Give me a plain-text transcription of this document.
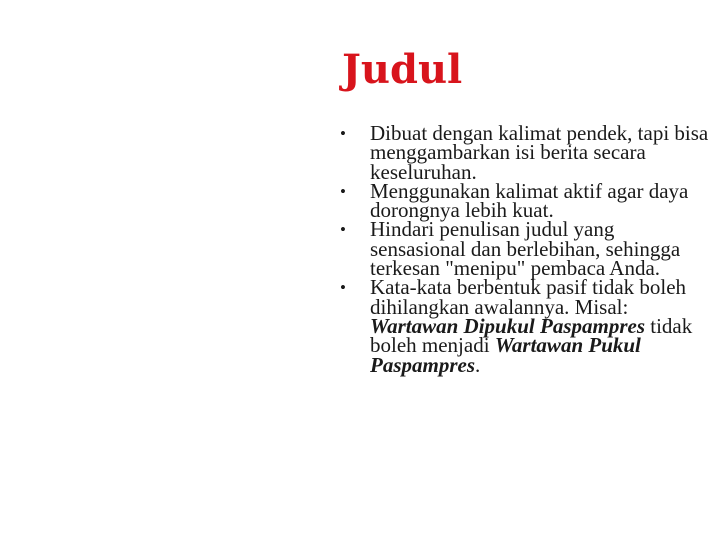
Judul
•	Dibuat dengan kalimat pendek, tapi bisa menggambarkan isi berita secara keseluruhan.
•	Menggunakan kalimat aktif agar daya dorongnya lebih kuat.
•	Hindari penulisan judul yang sensasional dan berlebihan, sehingga terkesan "menipu" pembaca Anda.
•	Kata-kata berbentuk pasif tidak boleh dihilangkan awalannya. Misal: Wartawan Dipukul Paspampres tidak boleh menjadi Wartawan Pukul Paspampres.
